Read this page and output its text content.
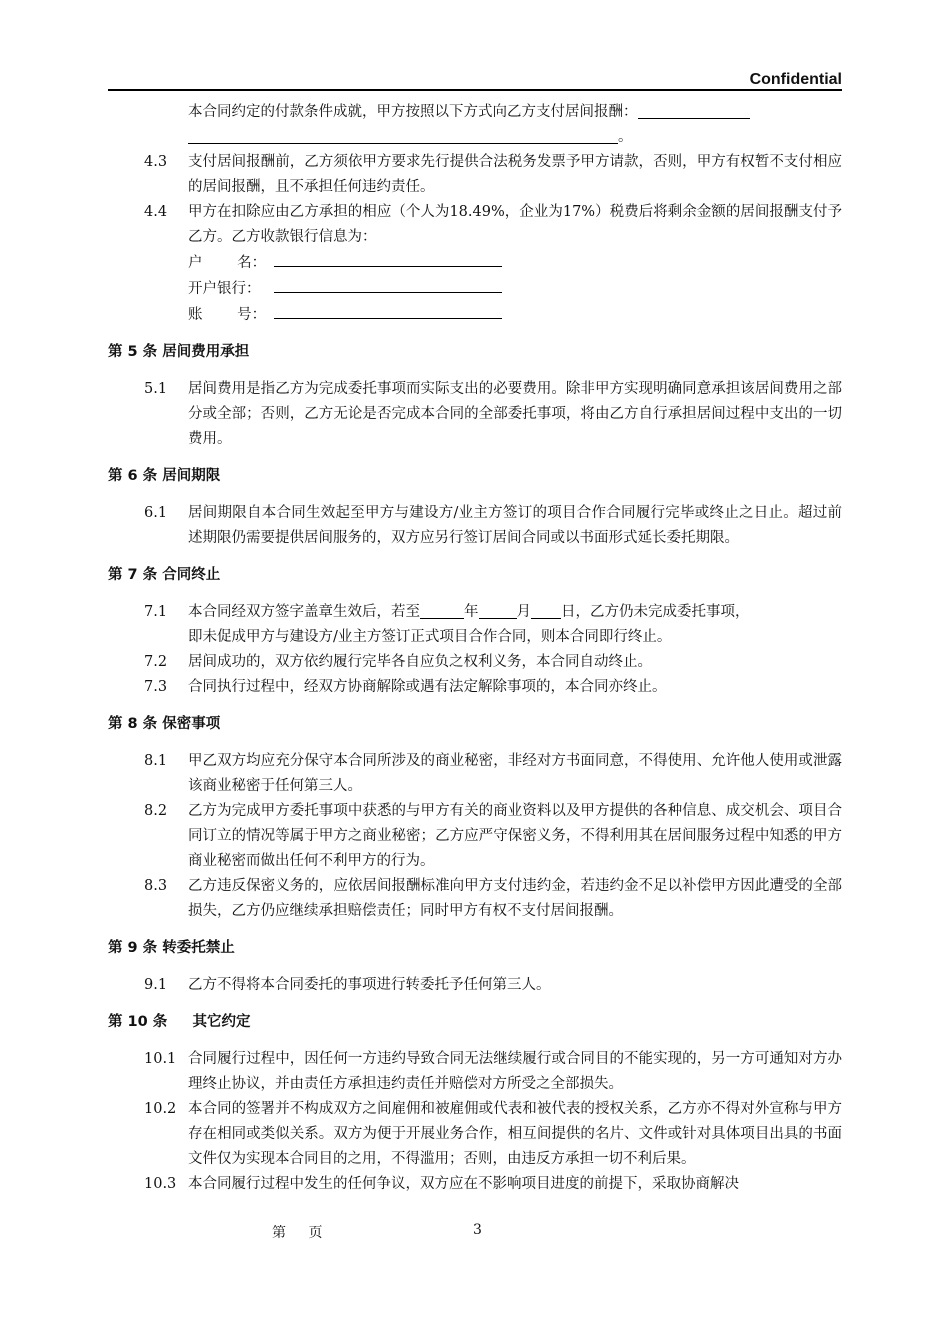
Confidential
本合同约定的付款条件成就，甲方按照以下方式向乙方支付居间报酬：
。
4.3	支付居间报酬前，乙方须依甲方要求先行提供合法税务发票予甲方请款，否则，甲方有权暂不支付相应的居间报酬，且不承担任何违约责任。
4.4	甲方在扣除应由乙方承担的相应（个人为18.49%，企业为17%）税费后将剩余金额的居间报酬支付予乙方。乙方收款银行信息为：
户 名：
开户银行：
账 号：
第 5 条 居间费用承担
5.1	居间费用是指乙方为完成委托事项而实际支出的必要费用。除非甲方实现明确同意承担该居间费用之部分或全部；否则，乙方无论是否完成本合同的全部委托事项，将由乙方自行承担居间过程中支出的一切费用。
第 6 条 居间期限
6.1	居间期限自本合同生效起至甲方与建设方/业主方签订的项目合作合同履行完毕或终止之日止。超过前述期限仍需要提供居间服务的，双方应另行签订居间合同或以书面形式延长委托期限。
第 7 条 合同终止
7.1	本合同经双方签字盖章生效后，若至	年	月 日，乙方仍未完成委托事项，
即未促成甲方与建设方/业主方签订正式项目合作合同，则本合同即行终止。
7.2	居间成功的，双方依约履行完毕各自应负之权利义务，本合同自动终止。
7.3	合同执行过程中，经双方协商解除或遇有法定解除事项的，本合同亦终止。
第 8 条 保密事项
8.1	甲乙双方均应充分保守本合同所涉及的商业秘密，非经对方书面同意，不得使用、允许他人使用或泄露该商业秘密于任何第三人。
8.2	乙方为完成甲方委托事项中获悉的与甲方有关的商业资料以及甲方提供的各种信息、成交机会、项目合同订立的情况等属于甲方之商业秘密；乙方应严守保密义务，不得利用其在居间服务过程中知悉的甲方商业秘密而做出任何不利甲方的行为。
8.3	乙方违反保密义务的，应依居间报酬标准向甲方支付违约金，若违约金不足以补偿甲方因此遭受的全部损失，乙方仍应继续承担赔偿责任；同时甲方有权不支付居间报酬。
第 9 条 转委托禁止
9.1	乙方不得将本合同委托的事项进行转委托予任何第三人。
第 10 条     其它约定
10.1 合同履行过程中，因任何一方违约导致合同无法继续履行或合同目的不能实现的，另一方可通知对方办理终止协议，并由责任方承担违约责任并赔偿对方所受之全部损失。
10.2 本合同的签署并不构成双方之间雇佣和被雇佣或代表和被代表的授权关系，乙方亦不得对外宣称与甲方存在相同或类似关系。双方为便于开展业务合作，相互间提供的名片、文件或针对具体项目出具的书面文件仅为实现本合同目的之用，不得滥用；否则，由违反方承担一切不利后果。
10.3 本合同履行过程中发生的任何争议，双方应在不影响项目进度的前提下，采取协商解决
第 页	3
